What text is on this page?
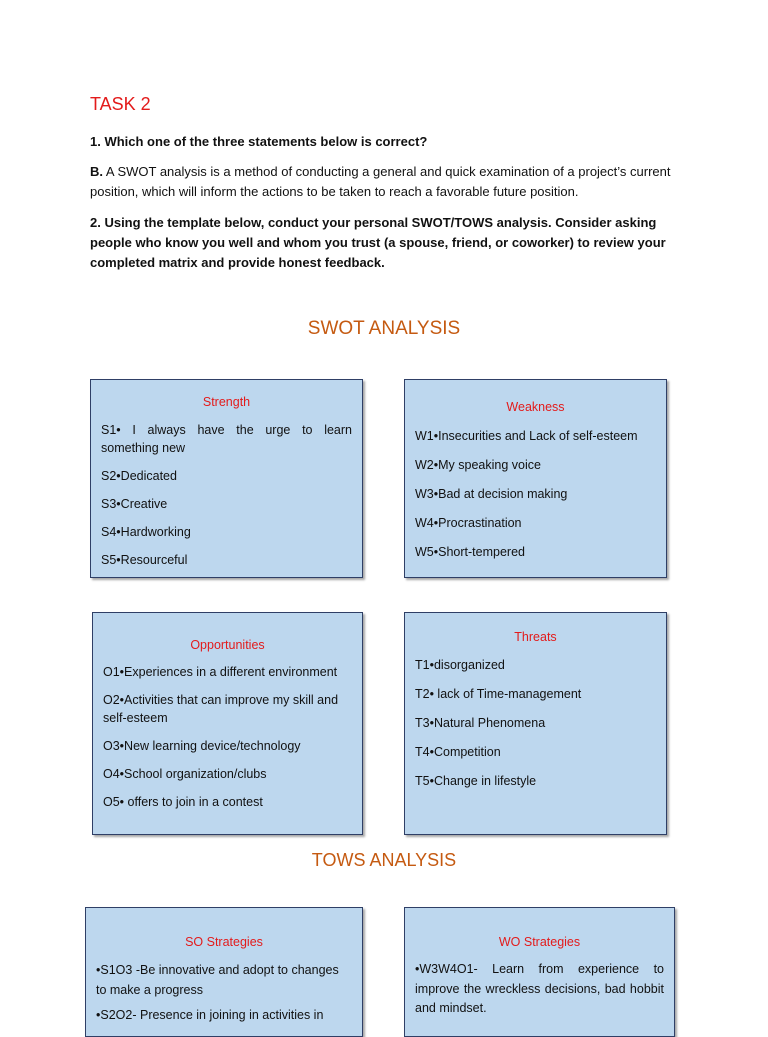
TASK 2
1. Which one of the three statements below is correct?
B. A SWOT analysis is a method of conducting a general and quick examination of a project’s current position, which will inform the actions to be taken to reach a favorable future position.
2. Using the template below, conduct your personal SWOT/TOWS analysis. Consider asking people who know you well and whom you trust (a spouse, friend, or coworker) to review your completed matrix and provide honest feedback.
SWOT ANALYSIS
Strength
S1• I always have the urge to learn something new
S2•Dedicated
S3•Creative
S4•Hardworking
S5•Resourceful
Weakness
W1•Insecurities and Lack of self-esteem
W2•My speaking voice
W3•Bad at decision making
W4•Procrastination
W5•Short-tempered
Opportunities
O1•Experiences in a different environment
O2•Activities that can improve my skill and self-esteem
O3•New learning device/technology
O4•School organization/clubs
O5• offers to join in a contest
Threats
T1•disorganized
T2• lack of Time-management
T3•Natural Phenomena
T4•Competition
T5•Change in lifestyle
TOWS ANALYSIS
SO Strategies
•S1O3 -Be innovative and adopt to changes to make a progress
•S2O2- Presence in joining in activities in
WO Strategies
•W3W4O1- Learn from experience to improve the wreckless decisions, bad hobbit and mindset.
